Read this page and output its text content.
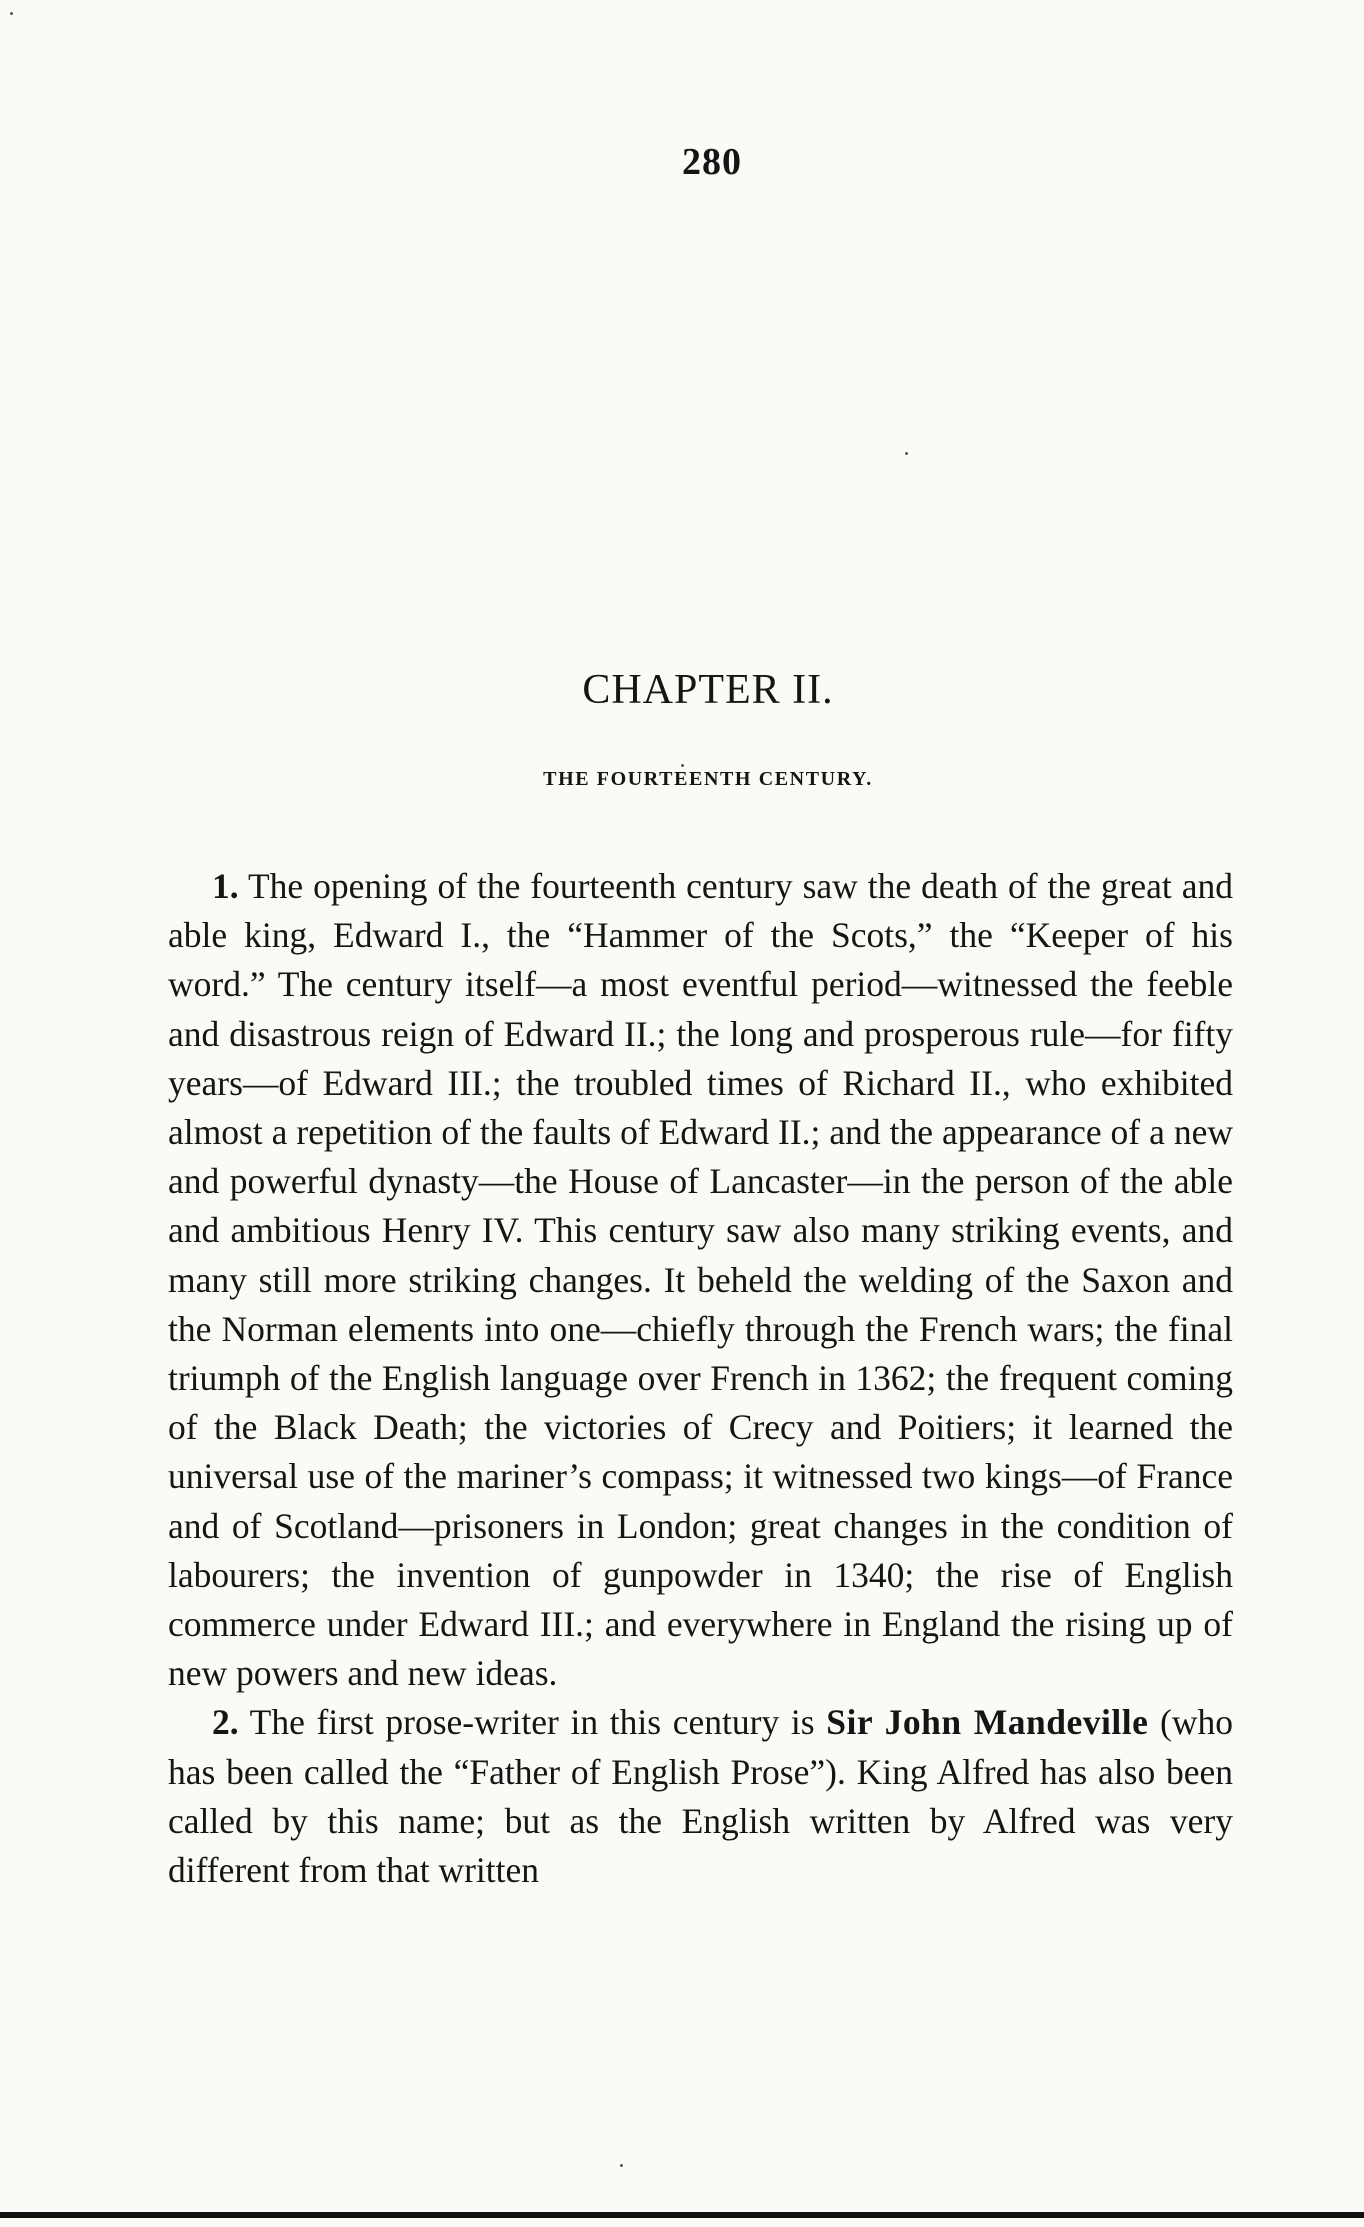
280
CHAPTER II.
THE FOURTEENTH CENTURY.

1. The opening of the fourteenth century saw the death of the great and able king, Edward I., the “Hammer of the Scots,” the “Keeper of his word.” The century itself—a most eventful period—witnessed the feeble and disastrous reign of Edward II.; the long and prosperous rule—for fifty years—of Edward III.; the troubled times of Richard II., who exhibited almost a repetition of the faults of Edward II.; and the appearance of a new and powerful dynasty—the House of Lancaster—in the person of the able and ambitious Henry IV. This century saw also many striking events, and many still more striking changes. It beheld the welding of the Saxon and the Norman elements into one—chiefly through the French wars; the final triumph of the English language over French in 1362; the frequent coming of the Black Death; the victories of Crecy and Poitiers; it learned the universal use of the mariner’s compass; it witnessed two kings—of France and of Scotland—prisoners in London; great changes in the condition of labourers; the invention of gunpowder in 1340; the rise of English commerce under Edward III.; and everywhere in England the rising up of new powers and new ideas.

2. The first prose-writer in this century is Sir John Mandeville (who has been called the “Father of English Prose”). King Alfred has also been called by this name; but as the English written by Alfred was very different from that written
